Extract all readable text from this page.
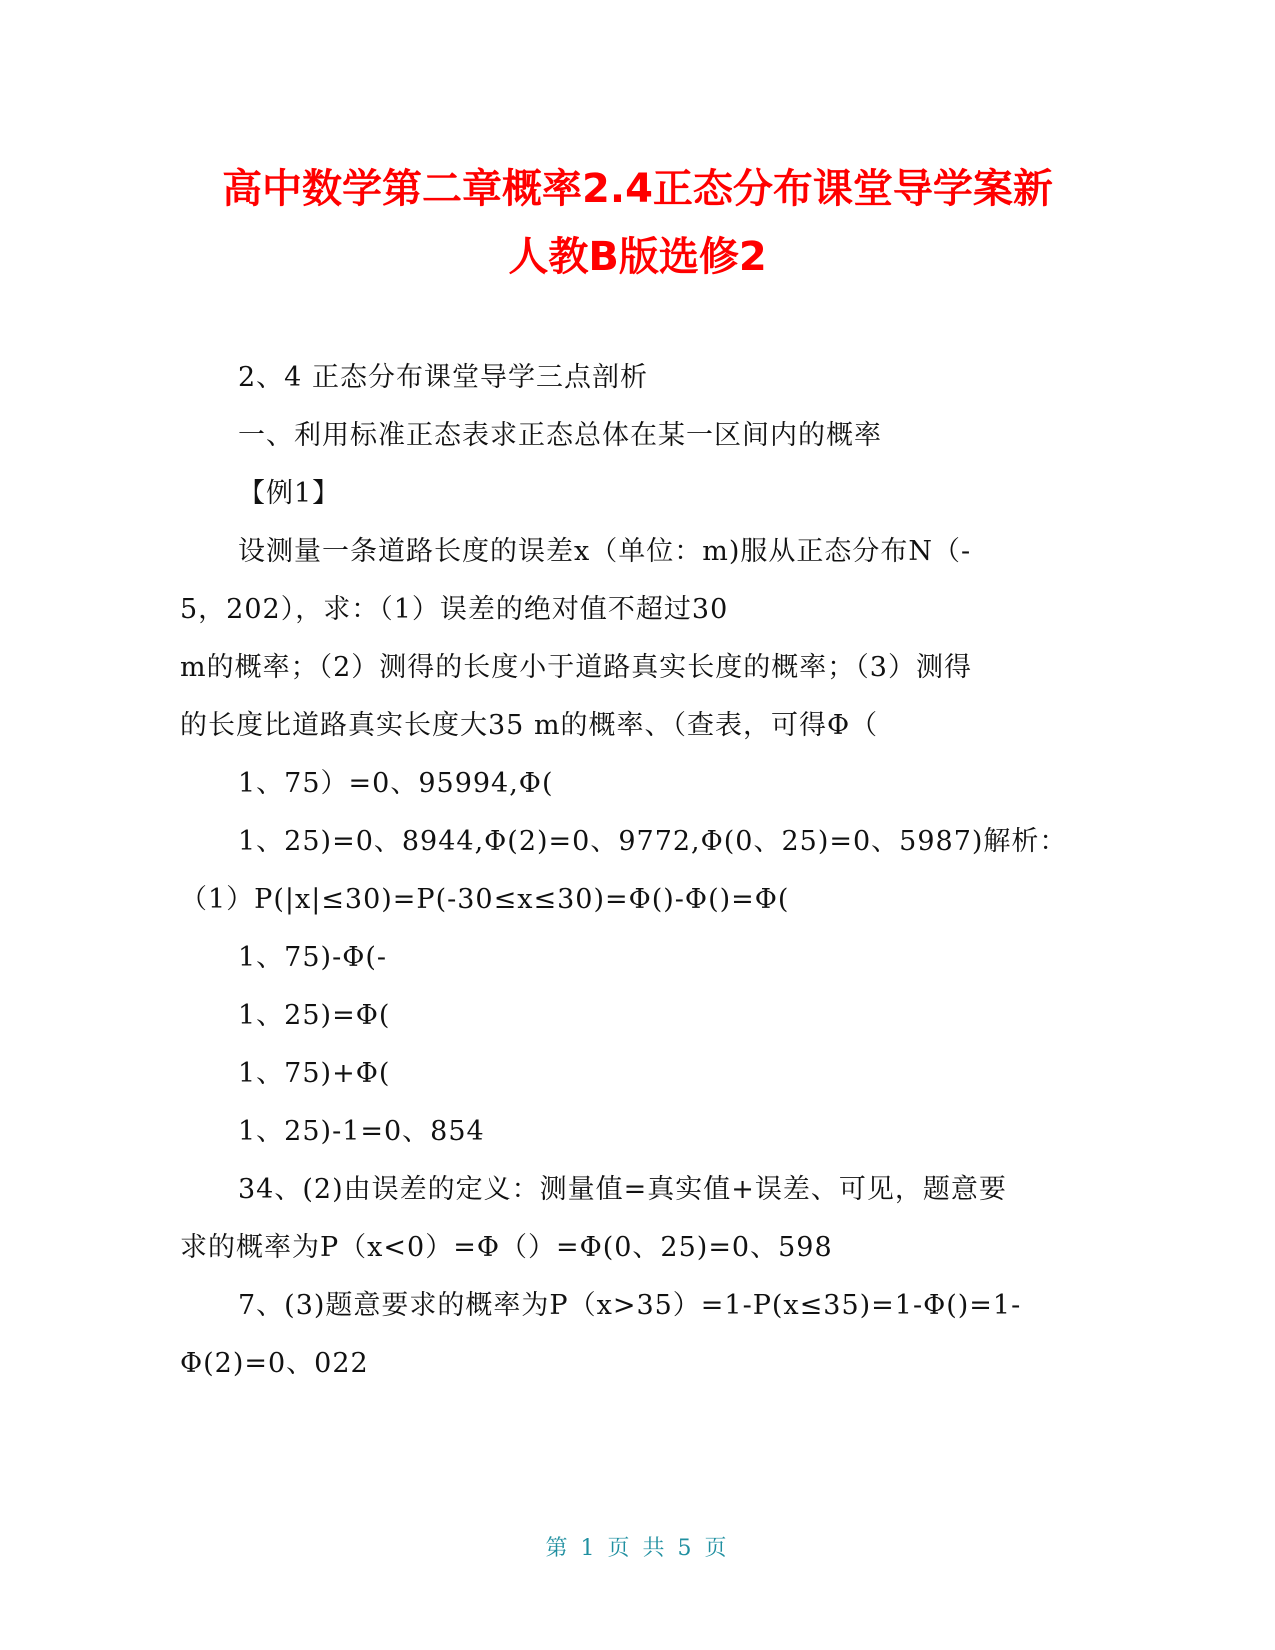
高中数学第二章概率2.4正态分布课堂导学案新
人教B版选修2
2、4 正态分布课堂导学三点剖析
一、利用标准正态表求正态总体在某一区间内的概率
【例1】
设测量一条道路长度的误差x（单位：m)服从正态分布N（-
5，202），求：（1）误差的绝对值不超过30
m的概率；（2）测得的长度小于道路真实长度的概率；（3）测得
的长度比道路真实长度大35 m的概率、（查表，可得Φ（
1、75）=0、95994,Φ(
1、25)=0、8944,Φ(2)=0、9772,Φ(0、25)=0、5987)解析：
（1）P(|x|≤30)=P(-30≤x≤30)=Φ()-Φ()=Φ(
1、75)-Φ(-
1、25)=Φ(
1、75)+Φ(
1、25)-1=0、854
34、(2)由误差的定义：测量值=真实值+误差、可见，题意要
求的概率为P（x<0）=Φ（）=Φ(0、25)=0、598
7、(3)题意要求的概率为P（x>35）=1-P(x≤35)=1-Φ()=1-
Φ(2)=0、022
第 1 页 共 5 页
